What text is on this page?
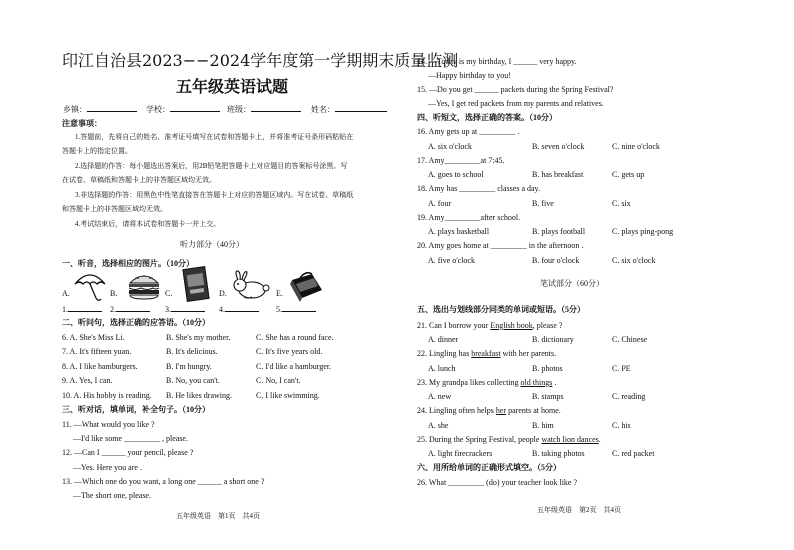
印江自治县2023−−2024学年度第一学期期末质量监测
五年级英语试题
乡镇：	学校：	班级：	姓名：
注意事项：
1.答题前，先将自己的姓名、准考证号填写在试卷和答题卡上，并将准考证号条形码粘贴在
答题卡上的指定位置。
2.选择题的作答：每小题选出答案后，用2B铅笔把答题卡上对应题目的答案标号涂黑。写
在试卷、草稿纸和答题卡上的非答题区域均无效。
3.非选择题的作答：用黑色中性笔直接答在答题卡上对应的答题区域内。写在试卷、草稿纸
和答题卡上的非答题区域均无效。
4.考试结束后，请将本试卷和答题卡一并上交。
听力部分（40分）
一、听音，选择相应的图片。（10分）
A.	B.	C.	D.	E.
1.	2.	3.	4.	5.
二、听问句，选择正确的应答语。（10分）
6. A. She's Miss Li.	B. She's my mother.	C. She has a round face.
7. A. It's fifteen yuan.	B. It's delicious.	C. It's five years old.
8. A. I like hamburgers.	B. I'm hungry.	C. I'd like a hamburger.
9. A. Yes, I can.	B. No, you can't.	C. No, I can't.
10. A. His hobby is reading. B. He likes drawing.	C. I like swimming.
三、听对话，填单词，补全句子。（10分）
11. —What would you like ?
—I'd like some _________ , please.
12. —Can I ______ your pencil, please ?
—Yes. Here you are .
13. —Which one do you want, a long one ______ a short one ?
—The short one, please.
五年级英语　第1页　共4页
14. —Today is my birthday, I ______ very happy.
—Happy birthday to you!
15. —Do you get ______ packets during the Spring Festival?
—Yes, I get red packets from my parents and relatives.
四、听短文，选择正确的答案。（10分）
16. Amy gets up at _________ .
A. six o'clock	B. seven o'clock	C. nine o'clock
17. Amy_________at 7:45.
A. goes to school	B. has breakfast	C. gets up
18. Amy has _________ classes a day.
A. four	B. five	C. six
19. Amy_________after school.
A. plays basketball	B. plays football	C. plays ping-pong
20. Amy goes home at _________ in the afternoon .
A. five o'clock	B. four o'clock	C. six o'clock
笔试部分（60分）
五、选出与划线部分同类的单词或短语。（5分）
21. Can I borrow your English book, please ?
A. dinner	B. dictionary	C. Chinese
22. Lingling has breakfast with her parents.
A. lunch	B. photos	C. PE
23. My grandpa likes collecting old things .
A. new	B. stamps	C. reading
24. Lingling often helps her parents at home.
A. she	B. him	C. his
25. During the Spring Festival, people watch lion dances.
A. light firecrackers	B. taking photos	C. red packet
六、用所给单词的正确形式填空。（5分）
26. What _________ (do) your teacher look like ?
五年级英语　第2页　共4页
